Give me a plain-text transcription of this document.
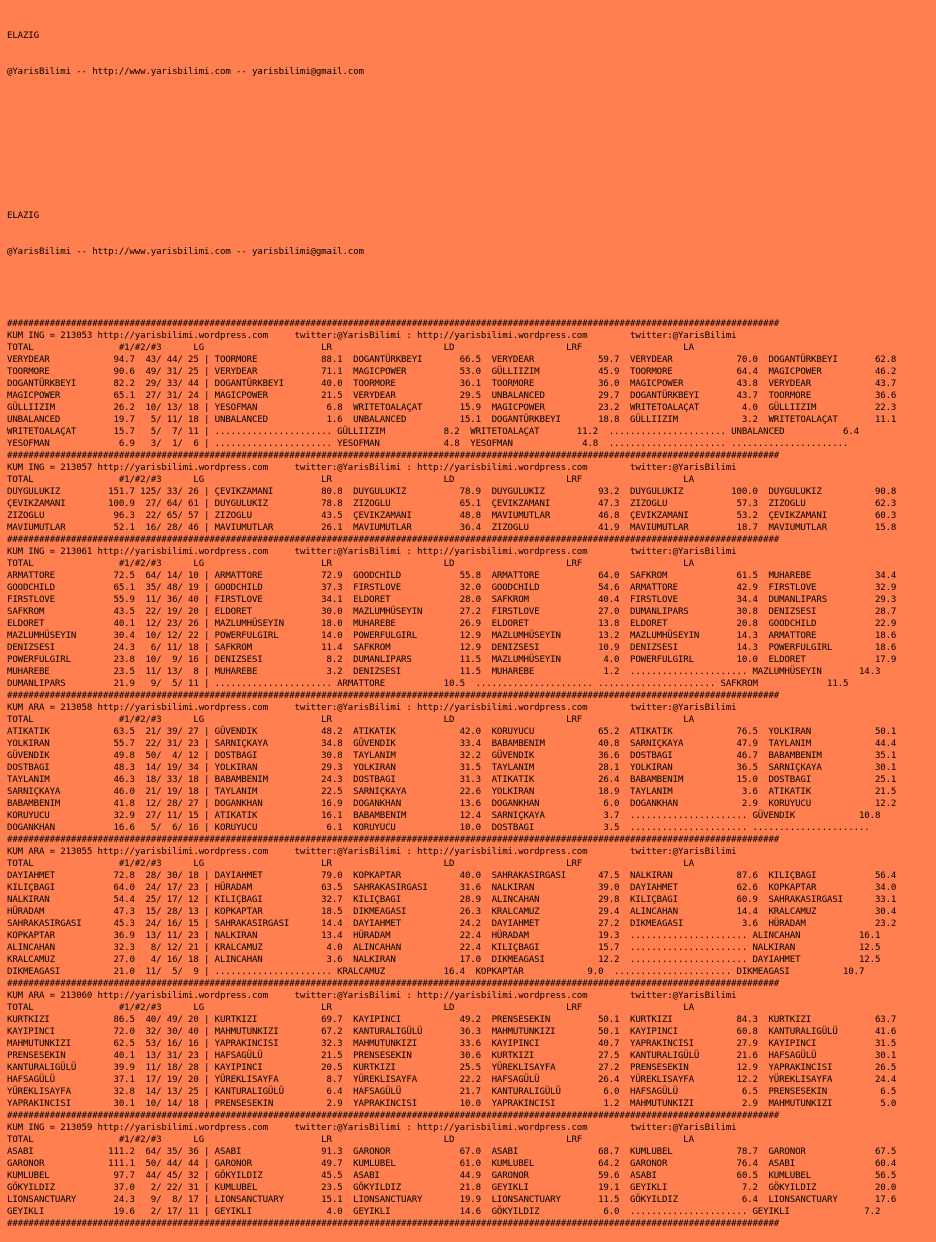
ELAZIG

@YarisBilimi -- http://www.yarisbilimi.com -- yarisbilimi@gmail.com

ELAZIG

@YarisBilimi -- http://www.yarisbilimi.com -- yarisbilimi@gmail.com

#################################################################################################################################################
KUM ING = 213053 http://yarisbilimi.wordpress.com     twitter:@YarisBilimi : http://yarisbilimi.wordpress.com        twitter:@YarisBilimi
TOTAL                #1/#2/#3      LG                      LR                     LD                     LRF                   LA
VERYDEAR            94.7  43/ 44/ 25 | TOORMORE            88.1  DOGANTÜRKBEYI       66.5  VERYDEAR            59.7  VERYDEAR            70.0  DOGANTÜRKBEYI       62.8
TOORMORE            90.6  49/ 31/ 25 | VERYDEAR            71.1  MAGICPOWER          53.0  GÜLLIIZIM           45.9  TOORMORE            64.4  MAGICPOWER          46.2
DOGANTÜRKBEYI       82.2  29/ 33/ 44 | DOGANTÜRKBEYI       40.0  TOORMORE            36.1  TOORMORE            36.0  MAGICPOWER          43.8  VERYDEAR            43.7
MAGICPOWER          65.1  27/ 31/ 24 | MAGICPOWER          21.5  VERYDEAR            29.5  UNBALANCED          29.7  DOGANTÜRKBEYI       43.7  TOORMORE            36.6
GÜLLIIZIM           26.2  10/ 13/ 18 | YESOFMAN             6.8  WRITETOALAÇAT       15.9  MAGICPOWER          23.2  WRITETOALAÇAT        4.0  GÜLLIIZIM           22.3
UNBALANCED          19.7   5/ 11/ 18 | UNBALANCED           1.6  UNBALANCED          15.1  DOGANTÜRKBEYI       18.8  GÜLLIIZIM            3.2  WRITETOALAÇAT       11.1
WRITETOALAÇAT       15.7   5/  7/ 11 | ...................... GÜLLIIZIM           8.2  WRITETOALAÇAT       11.2  ...................... UNBALANCED           6.4
YESOFMAN             6.9   3/  1/  6 | ...................... YESOFMAN            4.8  YESOFMAN             4.8  ...................... ......................
#################################################################################################################################################
KUM ING = 213057 http://yarisbilimi.wordpress.com     twitter:@YarisBilimi : http://yarisbilimi.wordpress.com        twitter:@YarisBilimi
TOTAL                #1/#2/#3      LG                      LR                     LD                     LRF                   LA
DUYGULUKIZ         151.7 125/ 33/ 26 | ÇEVIKZAMANI         80.8  DUYGULUKIZ          78.9  DUYGULUKIZ          93.2  DUYGULUKIZ         100.0  DUYGULUKIZ          90.8
ÇEVIKZAMANI        100.9  27/ 64/ 61 | DUYGULUKIZ          78.8  ZIZOGLU             65.1  ÇEVIKZAMANI         47.3  ZIZOGLU             57.3  ZIZOGLU             62.3
ZIZOGLU             96.3  22/ 65/ 57 | ZIZOGLU             43.5  ÇEVIKZAMANI         48.8  MAVIUMUTLAR         46.8  ÇEVIKZAMANI         53.2  ÇEVIKZAMANI         60.3
MAVIUMUTLAR         52.1  16/ 28/ 46 | MAVIUMUTLAR         26.1  MAVIUMUTLAR         36.4  ZIZOGLU             41.9  MAVIUMUTLAR         18.7  MAVIUMUTLAR         15.8
#################################################################################################################################################
KUM ING = 213061 http://yarisbilimi.wordpress.com     twitter:@YarisBilimi : http://yarisbilimi.wordpress.com        twitter:@YarisBilimi
TOTAL                #1/#2/#3      LG                      LR                     LD                     LRF                   LA
ARMATTORE           72.5  64/ 14/ 10 | ARMATTORE           72.9  GOODCHILD           55.8  ARMATTORE           64.0  SAFKROM             61.5  MUHAREBE            34.4
GOODCHILD           65.1  35/ 48/ 19 | GOODCHILD           37.3  FIRSTLOVE           32.0  GOODCHILD           54.6  ARMATTORE           42.9  FIRSTLOVE           32.9
FIRSTLOVE           55.9  11/ 36/ 40 | FIRSTLOVE           34.1  ELDORET             28.0  SAFKROM             40.4  FIRSTLOVE           34.4  DUMANLIPARS         29.3
SAFKROM             43.5  22/ 19/ 20 | ELDORET             30.0  MAZLUMHÜSEYIN       27.2  FIRSTLOVE           27.0  DUMANLIPARS         30.8  DENIZSESI           28.7
ELDORET             40.1  12/ 23/ 26 | MAZLUMHÜSEYIN       18.0  MUHAREBE            26.9  ELDORET             13.8  ELDORET             20.8  GOODCHILD           22.9
MAZLUMHÜSEYIN       30.4  10/ 12/ 22 | POWERFULGIRL        14.0  POWERFULGIRL        12.9  MAZLUMHÜSEYIN       13.2  MAZLUMHÜSEYIN       14.3  ARMATTORE           18.6
DENIZSESI           24.3   6/ 11/ 18 | SAFKROM             11.4  SAFKROM             12.9  DENIZSESI           10.9  DENIZSESI           14.3  POWERFULGIRL        18.6
POWERFULGIRL        23.8  10/  9/ 16 | DENIZSESI            8.2  DUMANLIPARS         11.5  MAZLUMHÜSEYIN        4.0  POWERFULGIRL        10.0  ELDORET             17.9
MUHAREBE            23.5  11/ 13/  8 | MUHAREBE             3.2  DENIZSESI           11.5  MUHAREBE             1.2  ...................... MAZLUMHÜSEYIN       14.3
DUMANLIPARS         21.9   9/  5/ 11 | ...................... ARMATTORE           10.5  ...................... ...................... SAFKROM             11.5
#################################################################################################################################################
KUM ARA = 213058 http://yarisbilimi.wordpress.com     twitter:@YarisBilimi : http://yarisbilimi.wordpress.com        twitter:@YarisBilimi
TOTAL                #1/#2/#3      LG                      LR                     LD                     LRF                   LA
ATIKATIK            63.5  21/ 39/ 27 | GÜVENDIK            48.2  ATIKATIK            42.0  KORUYUCU            65.2  ATIKATIK            76.5  YOLKIRAN            50.1
YOLKIRAN            55.7  22/ 31/ 23 | SARNIÇKAYA          34.8  GÜVENDIK            33.4  BABAMBENIM          40.8  SARNIÇKAYA          47.9  TAYLANIM            44.4
GÜVENDIK            49.8  50/  4/ 12 | DOSTBAGI            30.8  TAYLANIM            32.2  GÜVENDIK            36.6  DOSTBAGI            46.7  BABAMBENIM          35.1
DOSTBAGI            48.3  14/ 19/ 34 | YOLKIRAN            29.3  YOLKIRAN            31.5  TAYLANIM            28.1  YOLKIRAN            36.5  SARNIÇKAYA          30.1
TAYLANIM            46.3  18/ 33/ 18 | BABAMBENIM          24.3  DOSTBAGI            31.3  ATIKATIK            26.4  BABAMBENIM          15.0  DOSTBAGI            25.1
SARNIÇKAYA          46.0  21/ 19/ 18 | TAYLANIM            22.5  SARNIÇKAYA          22.6  YOLKIRAN            18.9  TAYLANIM             3.6  ATIKATIK            21.5
BABAMBENIM          41.8  12/ 28/ 27 | DOGANKHAN           16.9  DOGANKHAN           13.6  DOGANKHAN            6.0  DOGANKHAN            2.9  KORUYUCU            12.2
KORUYUCU            32.9  27/ 11/ 15 | ATIKATIK            16.1  BABAMBENIM          12.4  SARNIÇKAYA           3.7  ...................... GÜVENDIK            10.8
DOGANKHAN           16.6   5/  6/ 16 | KORUYUCU             6.1  KORUYUCU            10.0  DOSTBAGI             3.5  ...................... ......................
#################################################################################################################################################
KUM ARA = 213055 http://yarisbilimi.wordpress.com     twitter:@YarisBilimi : http://yarisbilimi.wordpress.com        twitter:@YarisBilimi
TOTAL                #1/#2/#3      LG                      LR                     LD                     LRF                   LA
DAYIAHMET           72.8  28/ 30/ 18 | DAYIAHMET           79.0  KOPKAPTAR           40.0  SAHRAKASIRGASI      47.5  NALKIRAN            87.6  KILIÇBAGI           56.4
KILIÇBAGI           64.0  24/ 17/ 23 | HÜRADAM             63.5  SAHRAKASIRGASI      31.6  NALKIRAN            39.0  DAYIAHMET           62.6  KOPKAPTAR           34.0
NALKIRAN            54.4  25/ 17/ 12 | KILIÇBAGI           32.7  KILIÇBAGI           28.9  ALINCAHAN           29.8  KILIÇBAGI           60.9  SAHRAKASIRGASI      33.1
HÜRADAM             47.3  15/ 28/ 13 | KOPKAPTAR           18.5  DIKMEAGASI          26.3  KRALCAMUZ           29.4  ALINCAHAN           14.4  KRALCAMUZ           30.4
SAHRAKASIRGASI      45.3  24/ 16/ 15 | SAHRAKASIRGASI      14.4  DAYIAHMET           24.2  DAYIAHMET           27.2  DIKMEAGASI           3.6  HÜRADAM             23.2
KOPKAPTAR           36.9  13/ 11/ 23 | NALKIRAN            13.4  HÜRADAM             22.4  HÜRADAM             19.3  ...................... ALINCAHAN           16.1
ALINCAHAN           32.3   8/ 12/ 21 | KRALCAMUZ            4.0  ALINCAHAN           22.4  KILIÇBAGI           15.7  ...................... NALKIRAN            12.5
KRALCAMUZ           27.0   4/ 16/ 18 | ALINCAHAN            3.6  NALKIRAN            17.0  DIKMEAGASI          12.2  ...................... DAYIAHMET           12.5
DIKMEAGASI          21.0  11/  5/  9 | ...................... KRALCAMUZ           16.4  KOPKAPTAR            9.0  ...................... DIKMEAGASI          10.7
#################################################################################################################################################
KUM ARA = 213060 http://yarisbilimi.wordpress.com     twitter:@YarisBilimi : http://yarisbilimi.wordpress.com        twitter:@YarisBilimi
TOTAL                #1/#2/#3      LG                      LR                     LD                     LRF                   LA
KURTKIZI            86.5  40/ 49/ 20 | KURTKIZI            69.7  KAYIPINCI           49.2  PRENSESEKIN         50.1  KURTKIZI            84.3  KURTKIZI            63.7
KAYIPINCI           72.0  32/ 30/ 40 | MAHMUTUNKIZI        67.2  KANTURALIGÜLÜ       36.3  MAHMUTUNKIZI        50.1  KAYIPINCI           60.8  KANTURALIGÜLÜ       41.6
MAHMUTUNKIZI        62.5  53/ 16/ 16 | YAPRAKINCISI        32.3  MAHMUTUNKIZI        33.6  KAYIPINCI           40.7  YAPRAKINCISI        27.9  KAYIPINCI           31.5
PRENSESEKIN         40.1  13/ 31/ 23 | HAFSAGÜLÜ           21.5  PRENSESEKIN         30.6  KURTKIZI            27.5  KANTURALIGÜLÜ       21.6  HAFSAGÜLÜ           30.1
KANTURALIGÜLÜ       39.9  11/ 18/ 28 | KAYIPINCI           20.5  KURTKIZI            25.5  YÜREKLISAYFA        27.2  PRENSESEKIN         12.9  YAPRAKINCISI        26.5
HAFSAGÜLÜ           37.1  17/ 19/ 20 | YÜREKLISAYFA         8.7  YÜREKLISAYFA        22.2  HAFSAGÜLÜ           26.4  YÜREKLISAYFA        12.2  YÜREKLISAYFA        24.4
YÜREKLISAYFA        32.8  14/ 13/ 25 | KANTURALIGÜLÜ        6.4  HAFSAGÜLÜ           21.7  KANTURALIGÜLÜ        6.0  HAFSAGÜLÜ            6.5  PRENSESEKIN          6.5
YAPRAKINCISI        30.1  10/ 14/ 18 | PRENSESEKIN          2.9  YAPRAKINCISI        10.0  YAPRAKINCISI         1.2  MAHMUTUNKIZI         2.9  MAHMUTUNKIZI         5.0
#################################################################################################################################################
KUM ING = 213059 http://yarisbilimi.wordpress.com     twitter:@YarisBilimi : http://yarisbilimi.wordpress.com        twitter:@YarisBilimi
TOTAL                #1/#2/#3      LG                      LR                     LD                     LRF                   LA
ASABI              111.2  64/ 35/ 36 | ASABI               91.3  GARONOR             67.0  ASABI               68.7  KUMLUBEL            78.7  GARONOR             67.5
GARONOR            111.1  50/ 44/ 44 | GARONOR             49.7  KUMLUBEL            61.0  KUMLUBEL            64.2  GARONOR             76.4  ASABI               60.4
KUMLUBEL            97.7  44/ 45/ 32 | GÖKYILDIZ           45.5  ASABI               44.9  GARONOR             59.6  ASABI               60.5  KUMLUBEL            56.5
GÖKYILDIZ           37.0   2/ 22/ 31 | KUMLUBEL            23.5  GÖKYILDIZ           21.8  GEYIKLI             19.1  GEYIKLI              7.2  GÖKYILDIZ           20.0
LIONSANCTUARY       24.3   9/  8/ 17 | LIONSANCTUARY       15.1  LIONSANCTUARY       19.9  LIONSANCTUARY       11.5  GÖKYILDIZ            6.4  LIONSANCTUARY       17.6
GEYIKLI             19.6   2/ 17/ 11 | GEYIKLI              4.0  GEYIKLI             14.6  GÖKYILDIZ            6.0  ...................... GEYIKLI              7.2
#################################################################################################################################################
